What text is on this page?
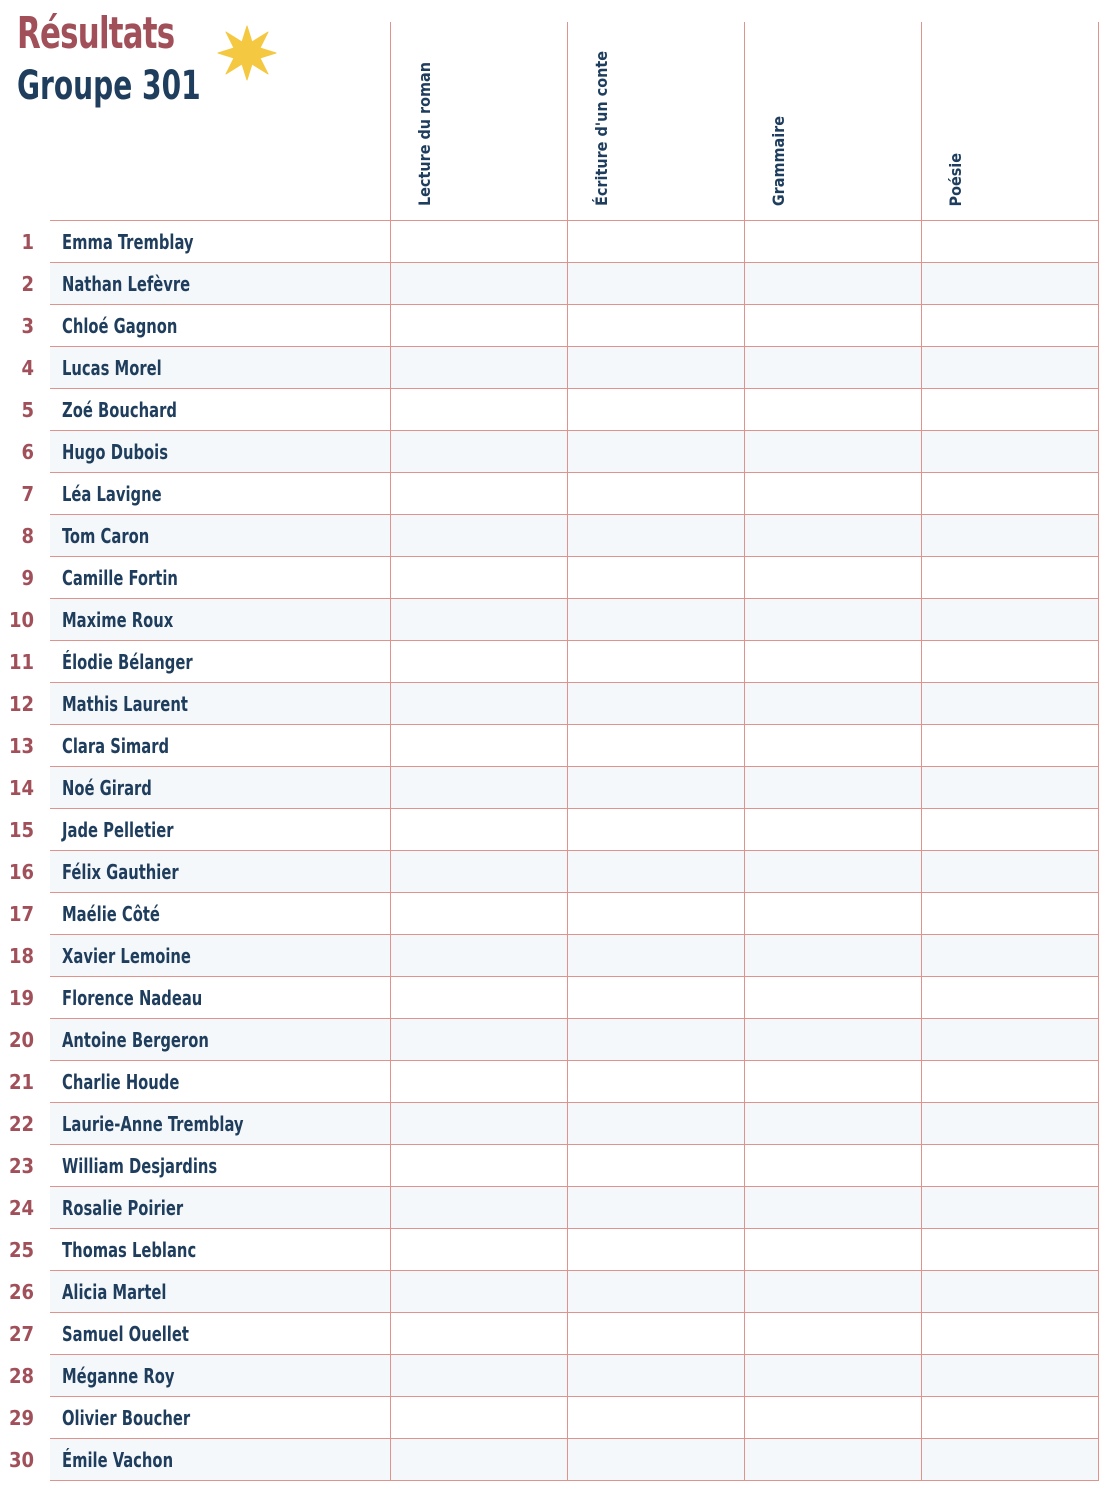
Résultats
Groupe 301

		Lecture du roman	Écriture d'un conte	Grammaire	Poésie

1	Emma Tremblay				
2	Nathan Lefèvre				
3	Chloé Gagnon				
4	Lucas Morel				
5	Zoé Bouchard				
6	Hugo Dubois				
7	Léa Lavigne				
8	Tom Caron				
9	Camille Fortin				
10	Maxime Roux				
11	Élodie Bélanger				
12	Mathis Laurent				
13	Clara Simard				
14	Noé Girard				
15	Jade Pelletier				
16	Félix Gauthier				
17	Maélie Côté				
18	Xavier Lemoine				
19	Florence Nadeau				
20	Antoine Bergeron				
21	Charlie Houde				
22	Laurie-Anne Tremblay				
23	William Desjardins				
24	Rosalie Poirier				
25	Thomas Leblanc				
26	Alicia Martel				
27	Samuel Ouellet				
28	Méganne Roy				
29	Olivier Boucher				
30	Émile Vachon				
